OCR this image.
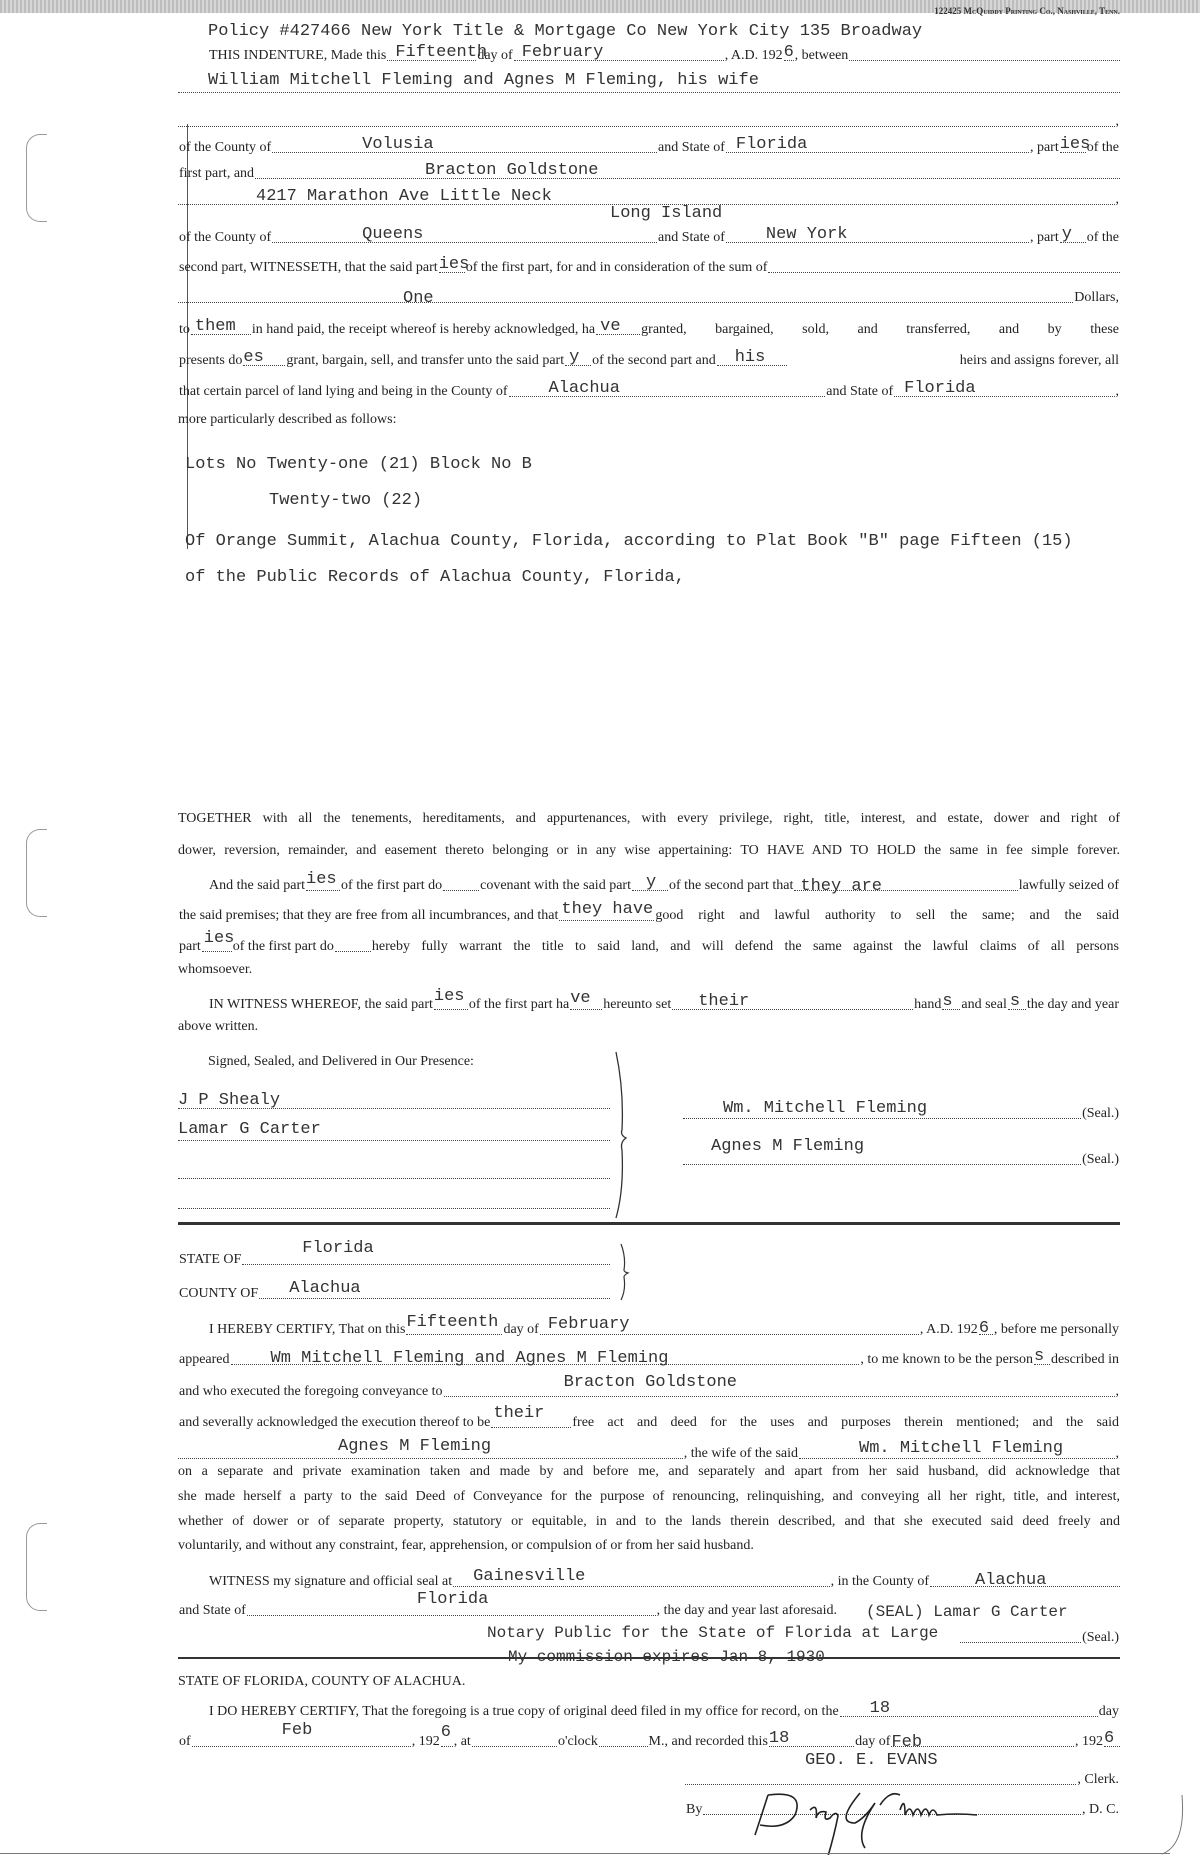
122425 McQuiddy Printing Co., Nashville, Tenn.
Policy #427466 New York Title & Mortgage Co New York City 135 Broadway
THIS INDENTURE, Made this Fifteenth
day of February	, A.D. 192 6 , between
William Mitchell Fleming and Agnes M Fleming, his wife
,
of the County of	Volusia	and State of Florida	, part ies
of the
first part, and	Bracton Goldstone
4217 Marathon Ave Little Neck	,
Long Island
of the County of	Queens	and State of New York	, part y of the
second part, WITNESSETH, that the said part ies
of the first part, for and in consideration of the sum of
One	Dollars,
to them in hand paid, the receipt whereof is hereby acknowledged, ha ve granted, bargained, sold, and transferred, and by these
presents do es grant, bargain, sell, and transfer unto the said part y of the second part and his	heirs and assigns forever, all
that certain parcel of land lying and being in the County of Alachua	and State of Florida	,
more particularly described as follows:
Lots No Twenty-one (21) Block No B
Twenty-two (22)
Of Orange Summit, Alachua County, Florida, according to Plat Book "B" page Fifteen (15)
of the Public Records of Alachua County, Florida,
TOGETHER with all the tenements, hereditaments, and appurtenances, with every privilege, right, title, interest, and estate, dower and right of
dower, reversion, remainder, and easement thereto belonging or in any wise appertaining: TO HAVE AND TO HOLD the same in fee simple forever.
And the said part ies of the first part do	covenant with the said part y of the second part that they are	lawfully seized of
the said premises; that they are free from all incumbrances, and that they have good right and lawful authority to sell the same; and the said
part ies
of the first part do	hereby fully warrant the title to said land, and will defend the same against the lawful claims of all persons
whomsoever.
IN WITNESS WHEREOF, the said part ies of the first part ha ve hereunto set their	hand s and seal s the day and year
above written.
Signed, Sealed, and Delivered in Our Presence:
J P Shealy
Lamar G Carter
Wm. Mitchell Fleming	(Seal.)
Agnes M Fleming
(Seal.)
STATE OF
Florida
COUNTY OF Alachua
I HEREBY CERTIFY, That on this Fifteenth day of February	, A.D. 192 6 , before me personally
appeared Wm Mitchell Fleming and Agnes M Fleming	, to me known to be the person s described in
and who executed the foregoing conveyance to	Bracton Goldstone	,
and severally acknowledged the execution thereof to be their free act and deed for the uses and purposes therein mentioned; and the said
Agnes M Fleming	, the wife of the said	Wm. Mitchell Fleming	,
on a separate and private examination taken and made by and before me, and separately and apart from her said husband, did acknowledge that
she made herself a party to the said Deed of Conveyance for the purpose of renouncing, relinquishing, and conveying all her right, title, and interest,
whether of dower or of separate property, statutory or equitable, in and to the lands therein described, and that she executed said deed freely and
voluntarily, and without any constraint, fear, apprehension, or compulsion of or from her said husband.
WITNESS my signature and official seal at Gainesville	, in the County of	Alachua
and State of
Florida
, the day and year last aforesaid. (SEAL) Lamar G Carter
(Seal.)
Notary Public for the State of Florida at Large
My commission expires Jan 8, 1930
STATE OF FLORIDA, COUNTY OF ALACHUA.
I DO HEREBY CERTIFY, That the foregoing is a true copy of original deed filed in my office for record, on the 18	day
of
Feb
, 192 6 , at	o'clock	M., and recorded this 18	day of Feb	, 192 6
GEO. E. EVANS
, Clerk.
By	, D. C.
